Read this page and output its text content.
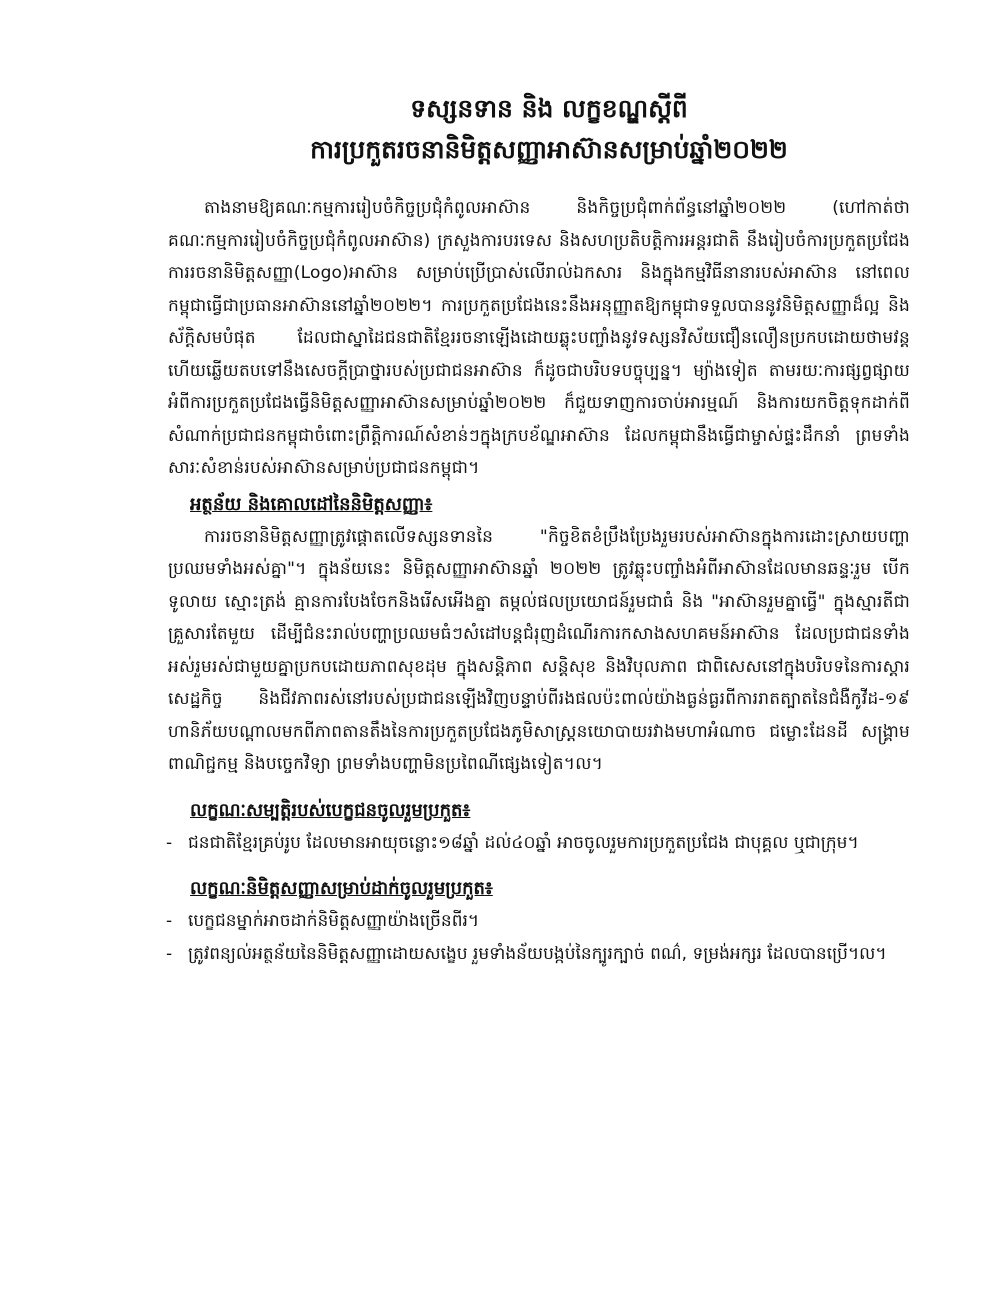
ទស្សនទាន និង លក្ខខណ្ឌស្ដីពី
ការប្រកួតរចនានិមិត្តសញ្ញាអាស៊ានសម្រាប់ឆ្នាំ២០២២

តាងនាមឱ្យគណៈកម្មការរៀបចំកិច្ចប្រជុំកំពូលអាស៊ាន និងកិច្ចប្រជុំពាក់ព័ន្ធនៅឆ្នាំ២០២២ (ហៅកាត់ថាគណៈកម្មការរៀបចំកិច្ចប្រជុំកំពូលអាស៊ាន) ក្រសួងការបរទេស និងសហប្រតិបត្តិការអន្តរជាតិ នឹងរៀបចំការប្រកួតប្រជែងការរចនានិមិត្តសញ្ញា(Logo)អាស៊ាន សម្រាប់ប្រើប្រាស់លើរាល់ឯកសារ និងក្នុងកម្មវិធីនានារបស់អាស៊ាន នៅពេលកម្ពុជាធ្វើជាប្រធានអាស៊ាននៅឆ្នាំ២០២២។ ការប្រកួតប្រជែងនេះនឹងអនុញ្ញាតឱ្យកម្ពុជាទទួលបាននូវនិមិត្តសញ្ញាដ៏ល្អ និងស័ក្តិសមបំផុត ដែលជាស្នាដៃជនជាតិខ្មែររចនាឡើងដោយឆ្លុះបញ្ចាំងនូវទស្សនវិស័យជឿនលឿនប្រកបដោយថាមវន្ត ហើយឆ្លើយតបទៅនឹងសេចក្ដីប្រាថ្នារបស់ប្រជាជនអាស៊ាន ក៏ដូចជាបរិបទបច្ចុប្បន្ន។ ម្យ៉ាងទៀត តាមរយៈការផ្សព្វផ្សាយអំពីការប្រកួតប្រជែងធ្វើនិមិត្តសញ្ញាអាស៊ានសម្រាប់ឆ្នាំ២០២២ ក៏ជួយទាញការចាប់អារម្មណ៍ និងការយកចិត្តទុកដាក់ពីសំណាក់ប្រជាជនកម្ពុជាចំពោះព្រឹត្តិការណ៍សំខាន់ៗក្នុងក្របខ័ណ្ឌអាស៊ាន ដែលកម្ពុជានឹងធ្វើជាម្ចាស់ផ្ទះដឹកនាំ ព្រមទាំងសារៈសំខាន់របស់អាស៊ានសម្រាប់ប្រជាជនកម្ពុជា។

អត្ថន័យ និងគោលដៅនៃនិមិត្តសញ្ញា៖

ការរចនានិមិត្តសញ្ញាត្រូវផ្ដោតលើទស្សនទាននៃ "កិច្ចខិតខំប្រឹងប្រែងរួមរបស់អាស៊ានក្នុងការដោះស្រាយបញ្ហាប្រឈមទាំងអស់គ្នា"។ ក្នុងន័យនេះ និមិត្តសញ្ញាអាស៊ានឆ្នាំ ២០២២ ត្រូវឆ្លុះបញ្ចាំងអំពីអាស៊ានដែលមានឆន្ទៈរួម បើកទូលាយ ស្មោះត្រង់ គ្មានការបែងចែកនិងរើសអើងគ្នា តម្កល់ផលប្រយោជន៍រួមជាធំ និង "អាស៊ានរួមគ្នាធ្វើ" ក្នុងស្មារតីជាគ្រួសារតែមួយ ដើម្បីជំនះរាល់បញ្ហាប្រឈមធំៗសំដៅបន្តជំរុញដំណើរការកសាងសហគមន៍អាស៊ាន ដែលប្រជាជនទាំងអស់រួមរស់ជាមួយគ្នាប្រកបដោយភាពសុខដុម ក្នុងសន្តិភាព សន្តិសុខ និងវិបុលភាព ជាពិសេសនៅក្នុងបរិបទនៃការស្ដារសេដ្ឋកិច្ច និងជីវភាពរស់នៅរបស់ប្រជាជនឡើងវិញបន្ទាប់ពីរងផលប៉ះពាល់យ៉ាងធ្ងន់ធ្ងរពីការរាតត្បាតនៃជំងឺកូវីដ-១៩ ហានិភ័យបណ្ដាលមកពីភាពតានតឹងនៃការប្រកួតប្រជែងភូមិសាស្ត្រនយោបាយរវាងមហាអំណាច ជម្លោះដែនដី សង្គ្រាមពាណិជ្ជកម្ម និងបច្ចេកវិទ្យា ព្រមទាំងបញ្ហាមិនប្រពៃណីផ្សេងទៀត។ល។

លក្ខណៈសម្បត្តិរបស់បេក្ខជនចូលរួមប្រកួត៖
- ជនជាតិខ្មែរគ្រប់រូប ដែលមានអាយុចន្លោះ១៨ឆ្នាំ ដល់៤០ឆ្នាំ អាចចូលរួមការប្រកួតប្រជែង ជាបុគ្គល ឬជាក្រុម។
លក្ខណៈនិមិត្តសញ្ញាសម្រាប់ដាក់ចូលរួមប្រកួត៖
- បេក្ខជនម្នាក់អាចដាក់និមិត្តសញ្ញាយ៉ាងច្រើនពីរ។
- ត្រូវពន្យល់អត្ថន័យនៃនិមិត្តសញ្ញាដោយសង្ខេប រួមទាំងន័យបង្កប់នៃក្បូរក្បាច់ ពណ៌, ទម្រង់អក្សរ ដែលបានប្រើ។ល។
